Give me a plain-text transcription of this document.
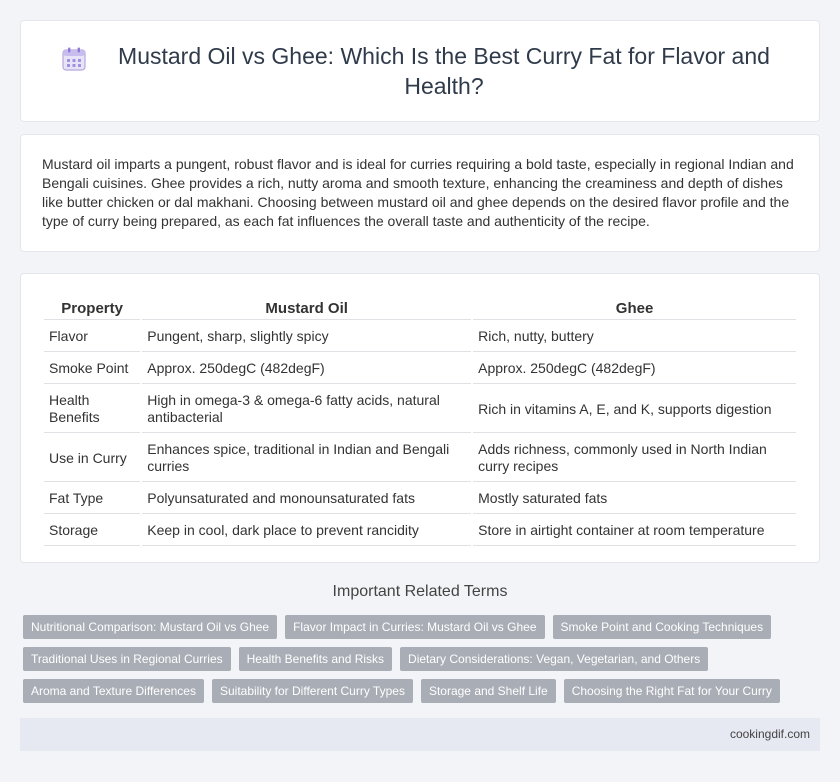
Mustard Oil vs Ghee: Which Is the Best Curry Fat for Flavor and Health?

Mustard oil imparts a pungent, robust flavor and is ideal for curries requiring a bold taste, especially in regional Indian and Bengali cuisines. Ghee provides a rich, nutty aroma and smooth texture, enhancing the creaminess and depth of dishes like butter chicken or dal makhani. Choosing between mustard oil and ghee depends on the desired flavor profile and the type of curry being prepared, as each fat influences the overall taste and authenticity of the recipe.

Property	Mustard Oil	Ghee
Flavor	Pungent, sharp, slightly spicy	Rich, nutty, buttery
Smoke Point	Approx. 250degC (482degF)	Approx. 250degC (482degF)
Health Benefits	High in omega-3 & omega-6 fatty acids, natural antibacterial	Rich in vitamins A, E, and K, supports digestion
Use in Curry	Enhances spice, traditional in Indian and Bengali curries	Adds richness, commonly used in North Indian curry recipes
Fat Type	Polyunsaturated and monounsaturated fats	Mostly saturated fats
Storage	Keep in cool, dark place to prevent rancidity	Store in airtight container at room temperature
Important Related Terms
Nutritional Comparison: Mustard Oil vs Ghee	Flavor Impact in Curries: Mustard Oil vs Ghee	Smoke Point and Cooking Techniques
Traditional Uses in Regional Curries	Health Benefits and Risks	Dietary Considerations: Vegan, Vegetarian, and Others
Aroma and Texture Differences	Suitability for Different Curry Types	Storage and Shelf Life	Choosing the Right Fat for Your Curry
cookingdif.com
